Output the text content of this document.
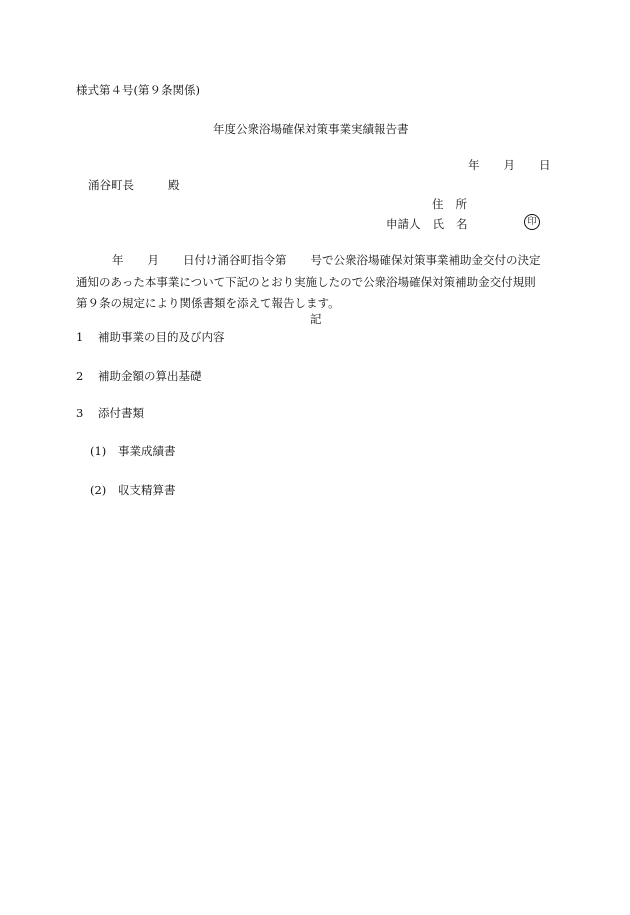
様式第４号(第９条関係)
年度公衆浴場確保対策事業実績報告書
年 月 日
涌谷町長	殿
住 所
申請人 氏 名	印
年 月 日付け涌谷町指令第 号で公衆浴場確保対策事業補助金交付の決定
通知のあった本事業について下記のとおり実施したので公衆浴場確保対策補助金交付規則
第９条の規定により関係書類を添えて報告します。
記
1 補助事業の目的及び内容
2 補助金額の算出基礎
3 添付書類
(1) 事業成績書
(2) 収支精算書
